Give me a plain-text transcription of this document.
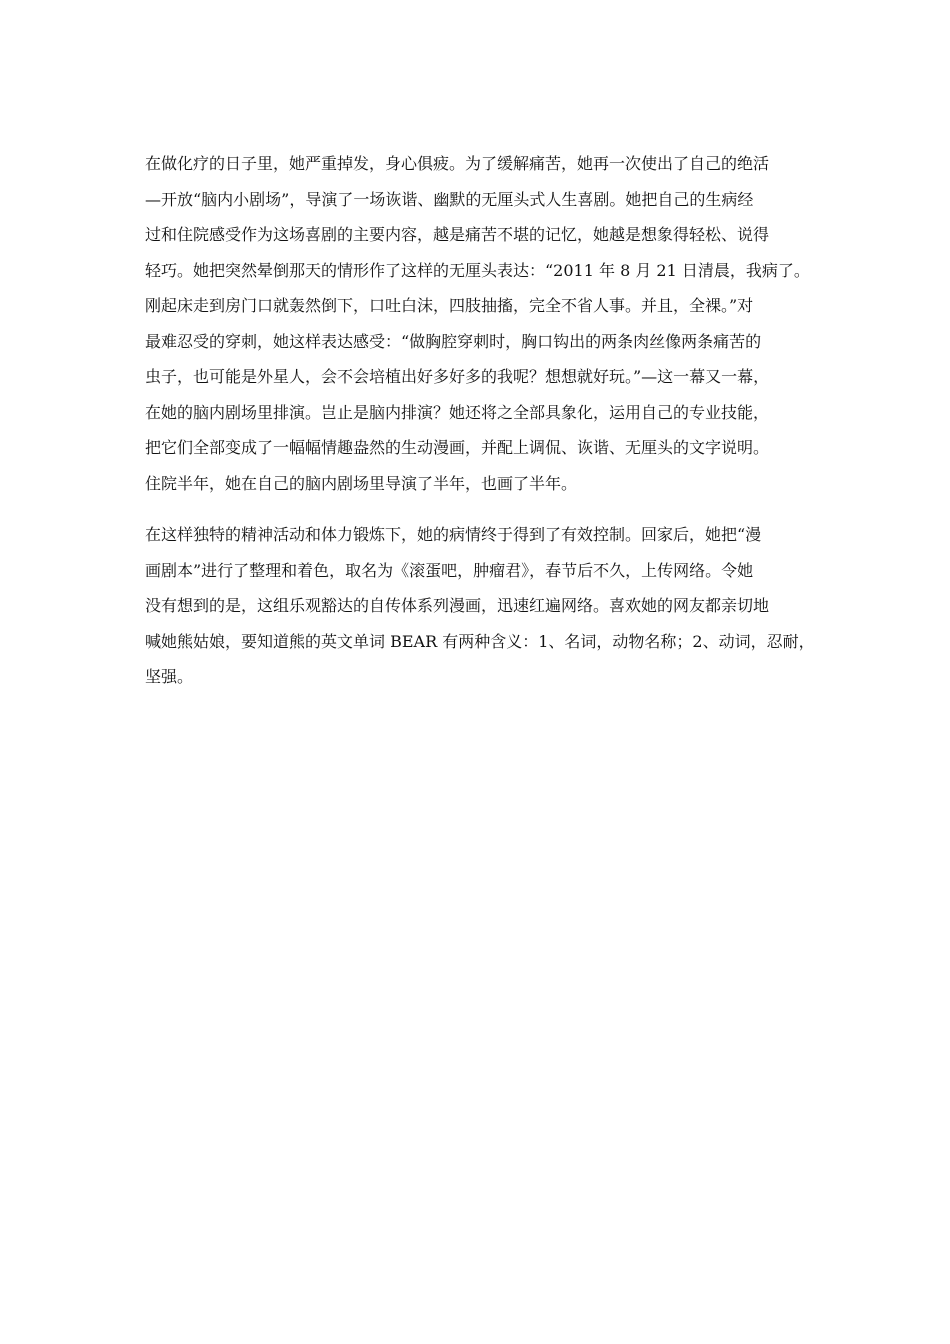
在做化疗的日子里，她严重掉发，身心俱疲。为了缓解痛苦，她再一次使出了自己的绝活
—开放“脑内小剧场”，导演了一场诙谐、幽默的无厘头式人生喜剧。她把自己的生病经
过和住院感受作为这场喜剧的主要内容，越是痛苦不堪的记忆，她越是想象得轻松、说得
轻巧。她把突然晕倒那天的情形作了这样的无厘头表达：“2011 年 8 月 21 日清晨，我病了。
刚起床走到房门口就轰然倒下，口吐白沫，四肢抽搐，完全不省人事。并且，全裸。”对
最难忍受的穿刺，她这样表达感受：“做胸腔穿刺时，胸口钩出的两条肉丝像两条痛苦的
虫子，也可能是外星人，会不会培植出好多好多的我呢？想想就好玩。”—这一幕又一幕，
在她的脑内剧场里排演。岂止是脑内排演？她还将之全部具象化，运用自己的专业技能，
把它们全部变成了一幅幅情趣盎然的生动漫画，并配上调侃、诙谐、无厘头的文字说明。
住院半年，她在自己的脑内剧场里导演了半年，也画了半年。
在这样独特的精神活动和体力锻炼下，她的病情终于得到了有效控制。回家后，她把“漫
画剧本”进行了整理和着色，取名为《滚蛋吧，肿瘤君》，春节后不久，上传网络。令她
没有想到的是，这组乐观豁达的自传体系列漫画，迅速红遍网络。喜欢她的网友都亲切地
喊她熊姑娘，要知道熊的英文单词 BEAR 有两种含义：1、名词，动物名称；2、动词，忍耐，
坚强。
